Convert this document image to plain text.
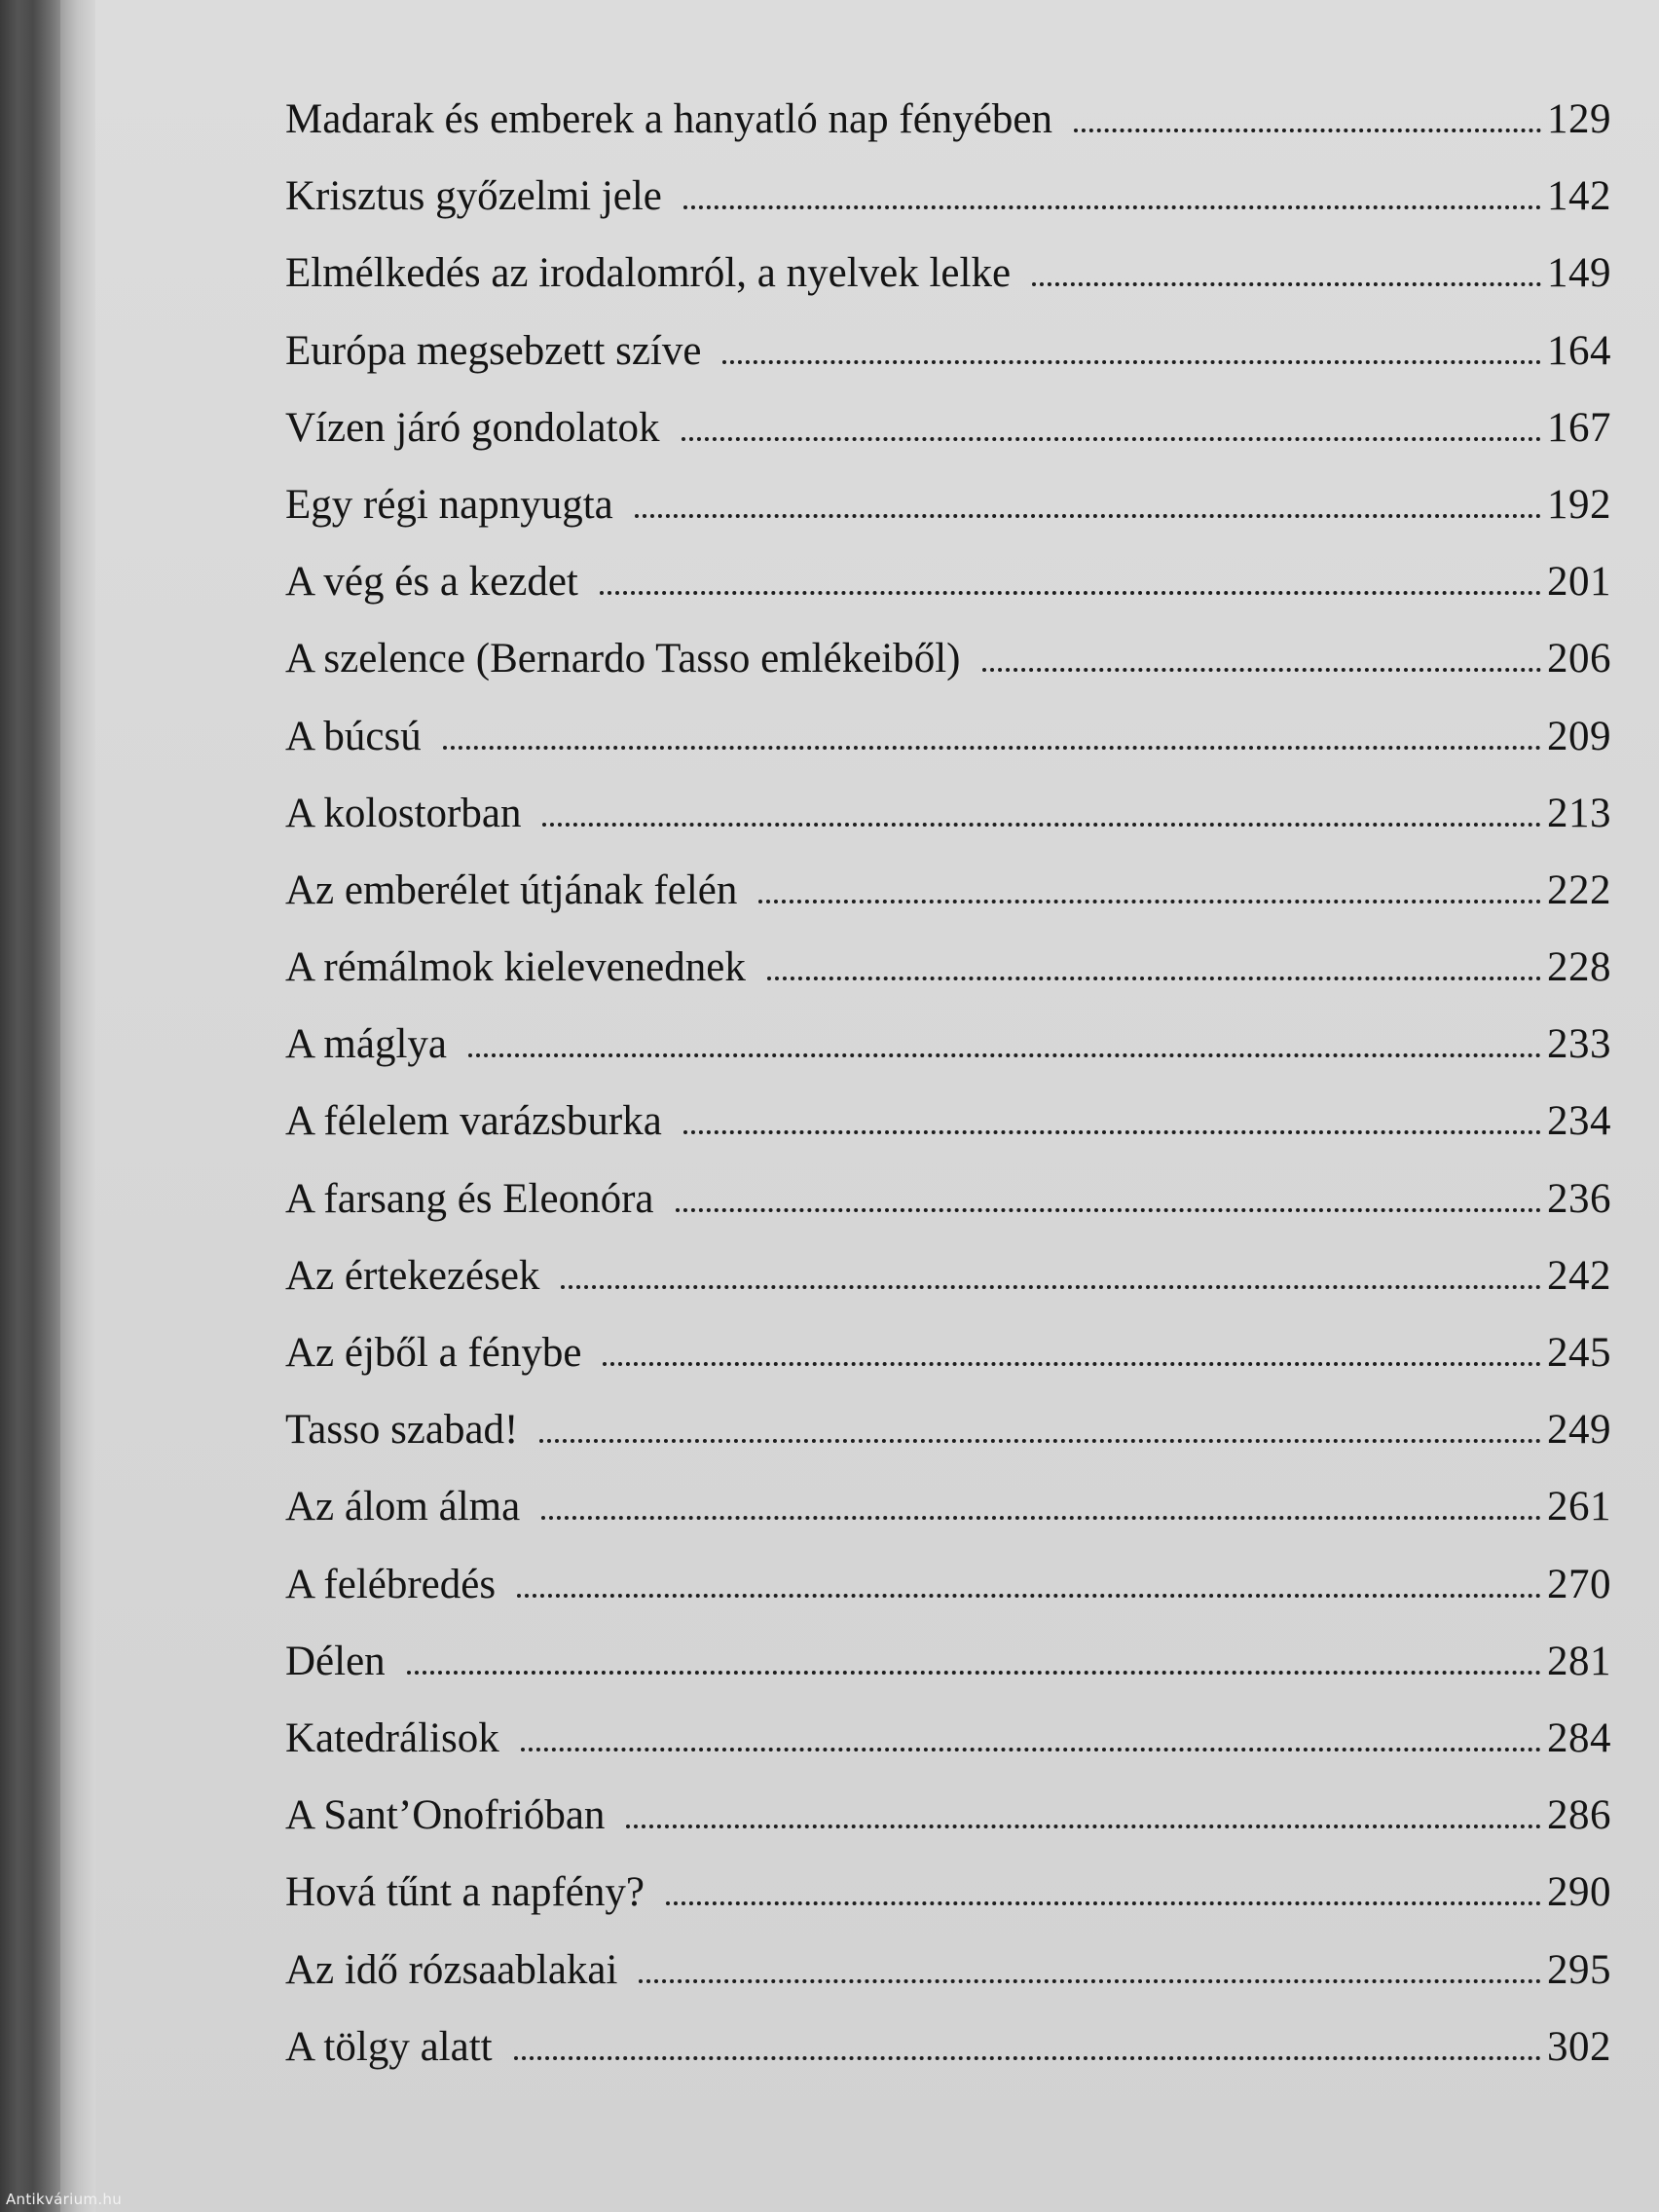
Madarak és emberek a hanyatló nap fényében	129
Krisztus győzelmi jele	142
Elmélkedés az irodalomról, a nyelvek lelke	149
Európa megsebzett szíve	164
Vízen járó gondolatok	167
Egy régi napnyugta	192
A vég és a kezdet	201
A szelence (Bernardo Tasso emlékeiből)	206
A búcsú	209
A kolostorban	213
Az emberélet útjának felén	222
A rémálmok kielevenednek	228
A máglya	233
A félelem varázsburka	234
A farsang és Eleonóra	236
Az értekezések	242
Az éjből a fénybe	245
Tasso szabad!	249
Az álom álma	261
A felébredés	270
Délen	281
Katedrálisok	284
A Sant’Onofrióban	286
Hová tűnt a napfény?	290
Az idő rózsaablakai	295
A tölgy alatt	302
Antikvárium.hu
